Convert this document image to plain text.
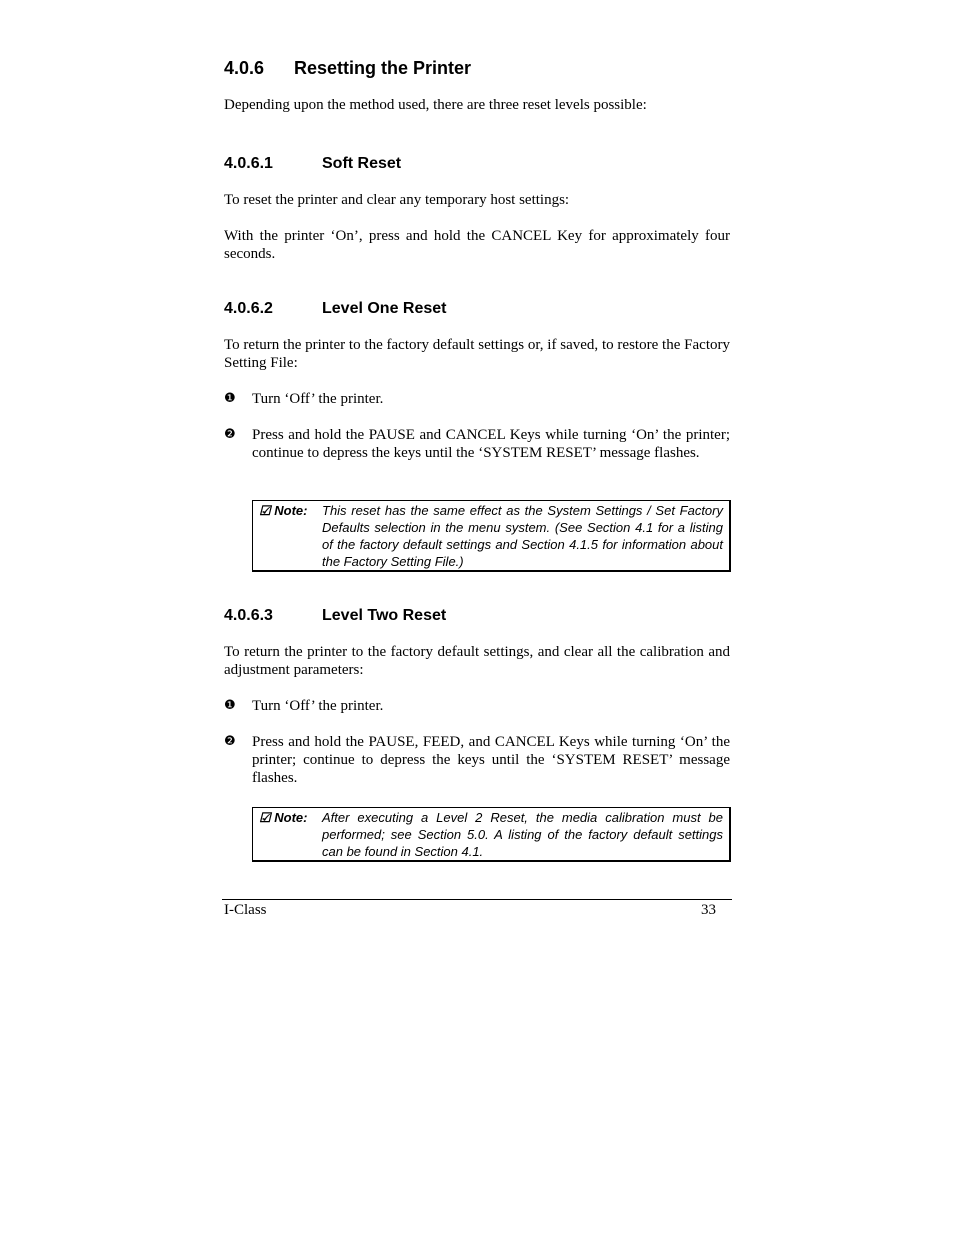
4.0.6 Resetting the Printer
Depending upon the method used, there are three reset levels possible:
4.0.6.1	Soft Reset
To reset the printer and clear any temporary host settings:
With the printer ‘On’, press and hold the CANCEL Key for approximately four seconds.
4.0.6.2	Level One Reset
To return the printer to the factory default settings or, if saved, to restore the Factory Setting File:
❶ Turn ‘Off’ the printer.
❷ Press and hold the PAUSE and CANCEL Keys while turning ‘On’ the printer; continue to depress the keys until the ‘SYSTEM RESET’ message flashes.
☑ Note: This reset has the same effect as the System Settings / Set Factory Defaults selection in the menu system. (See Section 4.1 for a listing of the factory default settings and Section 4.1.5 for information about the Factory Setting File.)
4.0.6.3	Level Two Reset
To return the printer to the factory default settings, and clear all the calibration and adjustment parameters:
❶ Turn ‘Off’ the printer.
❷ Press and hold the PAUSE, FEED, and CANCEL Keys while turning ‘On’ the printer; continue to depress the keys until the ‘SYSTEM RESET’ message flashes.
☑ Note: After executing a Level 2 Reset, the media calibration must be performed; see Section 5.0. A listing of the factory default settings can be found in Section 4.1.
I-Class	33
